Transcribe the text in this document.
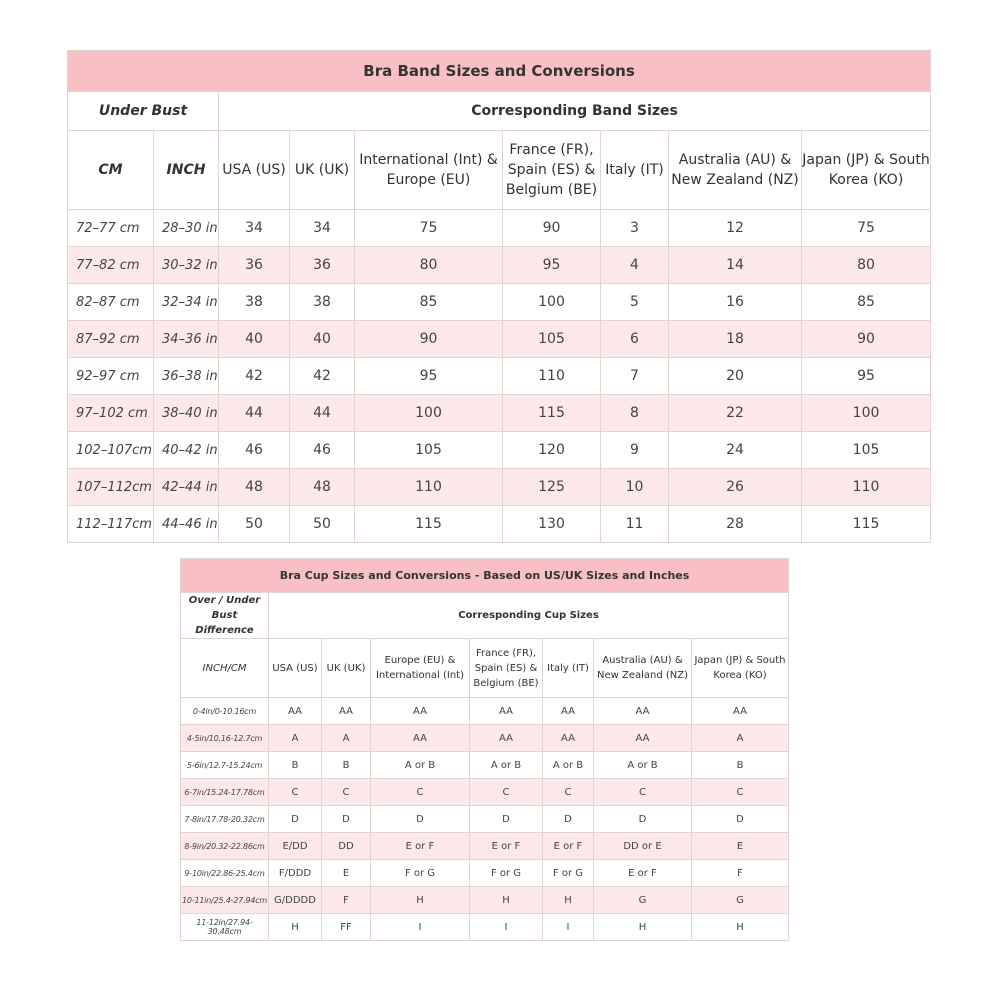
Bra Band Sizes and Conversions								
Under Bust		Corresponding Band Sizes						
CM	INCH	USA (US)	UK (UK)	International (Int) & Europe (EU)	France (FR), Spain (ES) & Belgium (BE)	Italy (IT)	Australia (AU) & New Zealand (NZ)	Japan (JP) & South Korea (KO)
72–77 cm	28–30 in	34	34	75	90	3	12	75
77–82 cm	30–32 in	36	36	80	95	4	14	80
82–87 cm	32–34 in	38	38	85	100	5	16	85
87–92 cm	34–36 in	40	40	90	105	6	18	90
92–97 cm	36–38 in	42	42	95	110	7	20	95
97–102 cm	38–40 in	44	44	100	115	8	22	100
102–107cm	40–42 in	46	46	105	120	9	24	105
107–112cm	42–44 in	48	48	110	125	10	26	110
112–117cm	44–46 in	50	50	115	130	11	28	115
Bra Cup Sizes and Conversions - Based on US/UK Sizes and Inches							
Over / Under Bust Difference	Corresponding Cup Sizes						
INCH/CM	USA (US)	UK (UK)	Europe (EU) & International (Int)	France (FR), Spain (ES) & Belgium (BE)	Italy (IT)	Australia (AU) & New Zealand (NZ)	Japan (JP) & South Korea (KO)
0-4in/0-10.16cm	AA	AA	AA	AA	AA	AA	AA
4-5in/10.16-12.7cm	A	A	AA	AA	AA	AA	A
5-6in/12.7-15.24cm	B	B	A or B	A or B	A or B	A or B	B
6-7in/15.24-17.78cm	C	C	C	C	C	C	C
7-8in/17.78-20.32cm	D	D	D	D	D	D	D
8-9in/20.32-22.86cm	E/DD	DD	E or F	E or F	E or F	DD or E	E
9-10in/22.86-25.4cm	F/DDD	E	F or G	F or G	F or G	E or F	F
10-11in/25.4-27.94cm	G/DDDD	F	H	H	H	G	G
11-12in/27.94-30.48cm	H	FF	I	I	I	H	H
